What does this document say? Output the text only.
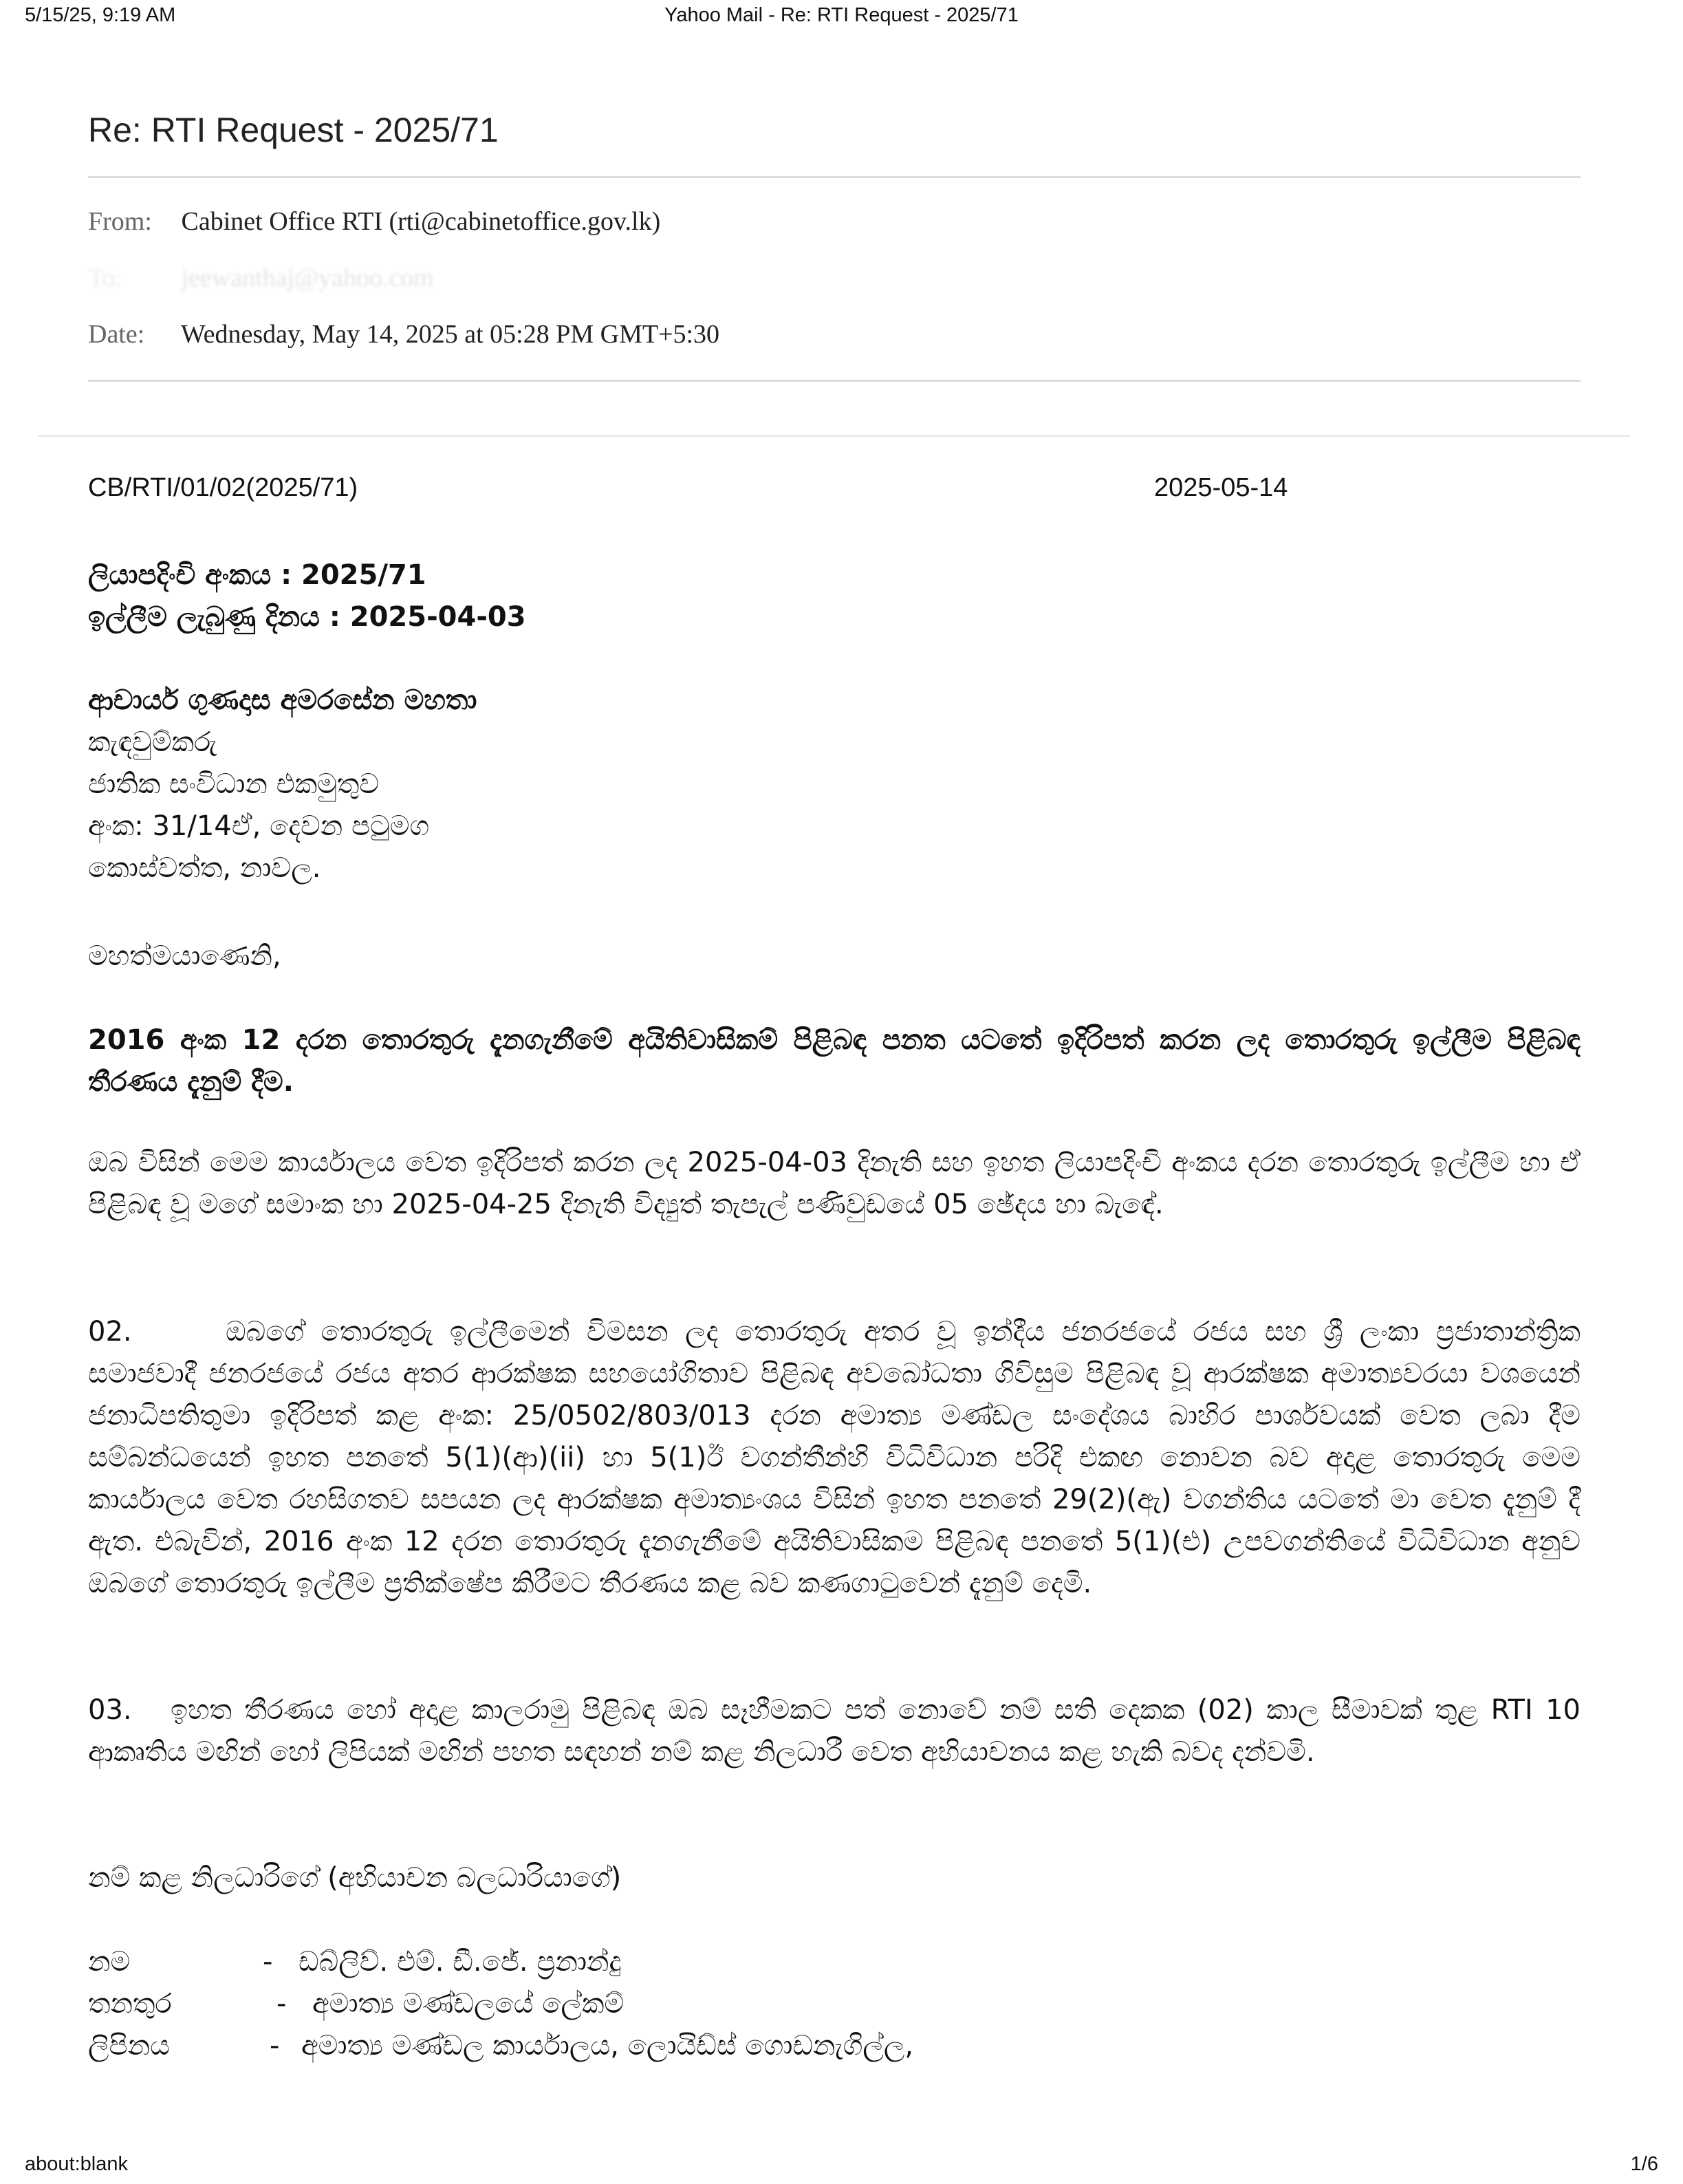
5/15/25, 9:19 AM	Yahoo Mail - Re: RTI Request - 2025/71
Re: RTI Request - 2025/71
From: Cabinet Office RTI (rti@cabinetoffice.gov.lk)
To: jeewanthaj@yahoo.com
Date: Wednesday, May 14, 2025 at 05:28 PM GMT+5:30
CB/RTI/01/02(2025/71)	2025-05-14
ලියාපදිංචි අංකය : 2025/71
ඉල්ලීම ලැබුණු දිනය : 2025-04-03
ආචාර්ය ගුණදාස අමරසේන මහතා
කැඳවුම්කරු
ජාතික සංවිධාන එකමුතුව
අංක: 31/14ඒ, දෙවන පටුමග
කොස්වත්ත, නාවල.
මහත්මයාණෙනි,
2016 අංක 12 දරන තොරතුරු දැනගැනීමේ අයිතිවාසිකම් පිළිබඳ පනත යටතේ ඉදිරිපත් කරන ලද තොරතුරු ඉල්ලීම පිළිබඳ තීරණය දැනුම් දීම.
ඔබ විසින් මෙම කාර්යාලය වෙත ඉදිරිපත් කරන ලද 2025-04-03 දිනැති සහ ඉහත ලියාපදිංචි අංකය දරන තොරතුරු ඉල්ලීම හා ඒ පිළිබඳ වූ මගේ සමාංක හා 2025-04-25 දිනැති විද්‍යුත් තැපැල් පණිවුඩයේ 05 ඡේදය හා බැඳේ.
02.	ඔබගේ තොරතුරු ඉල්ලීමෙන් විමසන ලද තොරතුරු අතර වූ ඉන්දීය ජනරජයේ රජය සහ ශ්‍රී ලංකා ප්‍රජාතාන්ත්‍රික සමාජවාදී ජනරජයේ රජය අතර ආරක්ෂක සහයෝගිතාව පිළිබඳ අවබෝධතා ගිවිසුම පිළිබඳ වූ ආරක්ෂක අමාත්‍යවරයා වශයෙන් ජනාධිපතිතුමා ඉදිරිපත් කළ අංක: 25/0502/803/013 දරන අමාත්‍ය මණ්ඩල සංදේශය බාහිර පාර්ශවයක් වෙත ලබා දීම සම්බන්ධයෙන් ඉහත පනතේ 5(1)(ආ)(ii) හා 5(1)ඊ වගන්තීන්හි විධිවිධාන පරිදි එකඟ නොවන බව අදාළ තොරතුරු මෙම කාර්යාලය වෙත රහසිගතව සපයන ලද ආරක්ෂක අමාත්‍යංශය විසින් ඉහත පනතේ 29(2)(ඇ) වගන්තිය යටතේ මා වෙත දැනුම් දී ඇත. එබැවින්, 2016 අංක 12 දරන තොරතුරු දැනගැනීමේ අයිතිවාසිකම පිළිබඳ පනතේ 5(1)(එ) උපවගන්තියේ විධිවිධාන අනුව ඔබගේ තොරතුරු ඉල්ලීම ප්‍රතික්ෂේප කිරීමට තීරණය කළ බව කණගාටුවෙන් දැනුම් දෙමි.
03. ඉහත තීරණය හෝ අදාළ කාලරාමු පිළිබඳ ඔබ සෑහීමකට පත් නොවේ නම් සති දෙකක (02) කාල සීමාවක් තුළ RTI 10 ආකෘතිය මඟින් හෝ ලිපියක් මඟින් පහත සඳහන් නම් කළ නිලධාරී වෙත අභියාචනය කළ හැකි බවද දන්වමි.
නම් කළ නිලධාරිගේ (අභියාචන බලධාරියාගේ)
නම	- ඩබ්ලිව්. එම්. ඩී.ජේ. ප්‍රනාන්දු
තනතුර	- අමාත්‍ය මණ්ඩලයේ ලේකම්
ලිපිනය	- අමාත්‍ය මණ්ඩල කාර්යාලය, ලොයිඩ්ස් ගොඩනැගිල්ල,
about:blank	1/6
